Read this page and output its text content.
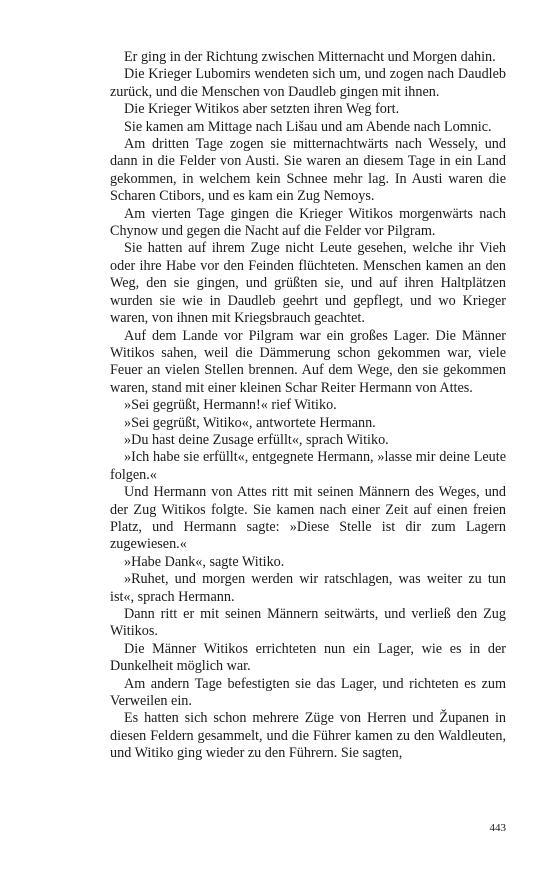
Er ging in der Richtung zwischen Mitternacht und Morgen dahin.

Die Krieger Lubomirs wendeten sich um, und zogen nach Daudleb zurück, und die Menschen von Daudleb gingen mit ihnen.

Die Krieger Witikos aber setzten ihren Weg fort.

Sie kamen am Mittage nach Lišau und am Abende nach Lomnic.

Am dritten Tage zogen sie mitternachtwärts nach Wessely, und dann in die Felder von Austi. Sie waren an diesem Tage in ein Land gekommen, in welchem kein Schnee mehr lag. In Austi waren die Scharen Ctibors, und es kam ein Zug Nemoys.

Am vierten Tage gingen die Krieger Witikos morgenwärts nach Chynow und gegen die Nacht auf die Felder vor Pilgram.

Sie hatten auf ihrem Zuge nicht Leute gesehen, welche ihr Vieh oder ihre Habe vor den Feinden flüchteten. Menschen kamen an den Weg, den sie gingen, und grüßten sie, und auf ihren Haltplätzen wurden sie wie in Daudleb geehrt und gepflegt, und wo Krieger waren, von ihnen mit Kriegsbrauch geachtet.

Auf dem Lande vor Pilgram war ein großes Lager. Die Männer Witikos sahen, weil die Dämmerung schon gekommen war, viele Feuer an vielen Stellen brennen. Auf dem Wege, den sie gekommen waren, stand mit einer kleinen Schar Reiter Hermann von Attes.

»Sei gegrüßt, Hermann!« rief Witiko.

»Sei gegrüßt, Witiko«, antwortete Hermann.

»Du hast deine Zusage erfüllt«, sprach Witiko.

»Ich habe sie erfüllt«, entgegnete Hermann, »lasse mir deine Leute folgen.«

Und Hermann von Attes ritt mit seinen Männern des Weges, und der Zug Witikos folgte. Sie kamen nach einer Zeit auf einen freien Platz, und Hermann sagte: »Diese Stelle ist dir zum Lagern zugewiesen.«

»Habe Dank«, sagte Witiko.

»Ruhet, und morgen werden wir ratschlagen, was weiter zu tun ist«, sprach Hermann.

Dann ritt er mit seinen Männern seitwärts, und verließ den Zug Witikos.

Die Männer Witikos errichteten nun ein Lager, wie es in der Dunkelheit möglich war.

Am andern Tage befestigten sie das Lager, und richteten es zum Verweilen ein.

Es hatten sich schon mehrere Züge von Herren und Županen in diesen Feldern gesammelt, und die Führer kamen zu den Waldleuten, und Witiko ging wieder zu den Führern. Sie sagten,

443
